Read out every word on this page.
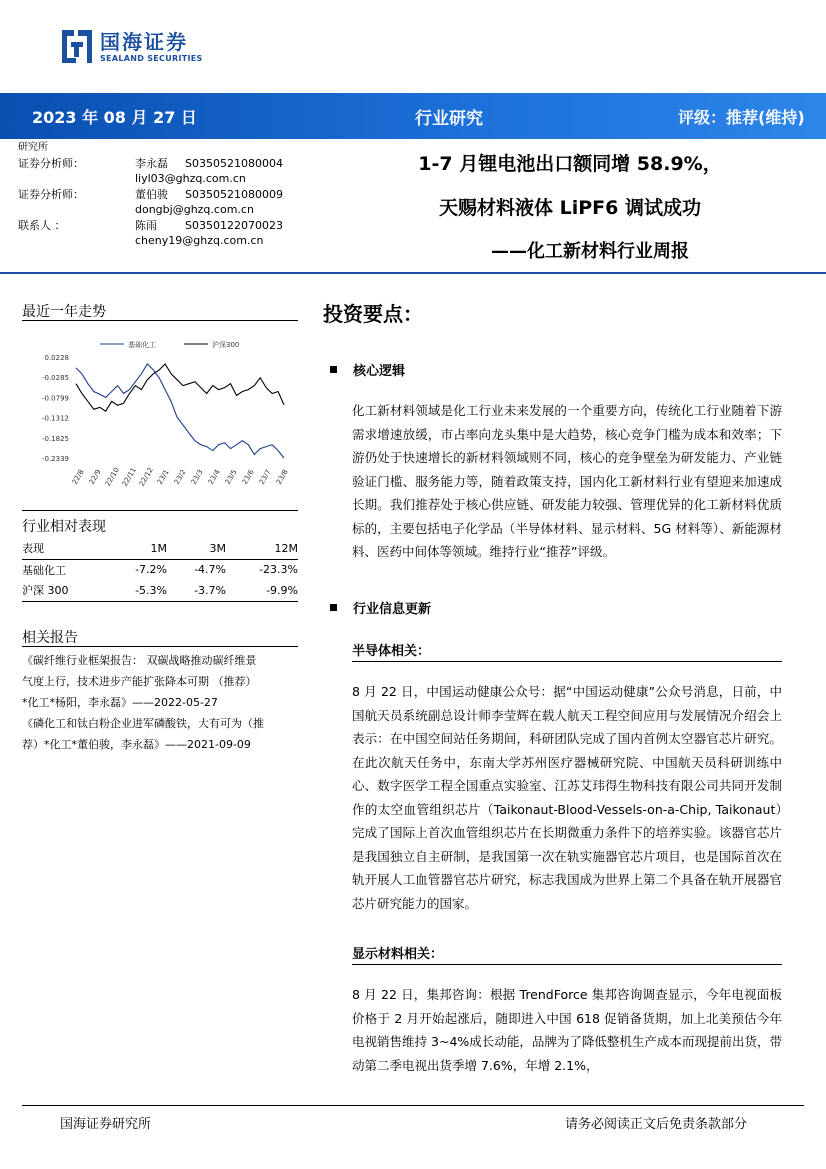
国海证券
SEALAND SECURITIES
2023 年 08 月 27 日	行业研究	评级：推荐(维持)
研究所
证券分析师：	李永磊	S0350521080004
liyl03@ghzq.com.cn
证券分析师：	董伯骏	S0350521080009
dongbj@ghzq.com.cn
联系人 ：	陈雨	S0350122070023
cheny19@ghzq.com.cn
1-7 月锂电池出口额同增 58.9%，
天赐材料液体 LiPF6 调试成功
——化工新材料行业周报
最近一年走势
基础化工	沪深300
0.0228
-0.0285
-0.0799
-0.1312
-0.1825
-0.2339
22/8 22/9 22/10 22/11 22/12 23/1 23/2 23/3 23/4 23/5 23/6 23/7 23/8
行业相对表现
表现	1M	3M	12M
基础化工	-7.2%	-4.7%	-23.3%
沪深 300	-5.3%	-3.7%	-9.9%
相关报告
《碳纤维行业框架报告： 双碳战略推动碳纤维景
气度上行，技术进步产能扩张降本可期 （推荐）
*化工*杨阳，李永磊》——2022-05-27
《磷化工和钛白粉企业进军磷酸铁，大有可为（推
荐）*化工*董伯骏，李永磊》——2021-09-09
投资要点：
核心逻辑
化工新材料领域是化工行业未来发展的一个重要方向，传统化工行业随着下游需求增速放缓，市占率向龙头集中是大趋势，核心竞争门槛为成本和效率；下游仍处于快速增长的新材料领域则不同，核心的竞争壁垒为研发能力、产业链验证门槛、服务能力等，随着政策支持，国内化工新材料行业有望迎来加速成长期。我们推荐处于核心供应链、研发能力较强、管理优异的化工新材料优质标的，主要包括电子化学品（半导体材料、显示材料、5G 材料等）、新能源材料、医药中间体等领域。维持行业“推荐”评级。
行业信息更新
半导体相关：
8 月 22 日，中国运动健康公众号：据“中国运动健康”公众号消息，日前，中国航天员系统副总设计师李莹辉在载人航天工程空间应用与发展情况介绍会上表示：在中国空间站任务期间，科研团队完成了国内首例太空器官芯片研究。在此次航天任务中，东南大学苏州医疗器械研究院、中国航天员科研训练中心、数字医学工程全国重点实验室、江苏艾玮得生物科技有限公司共同开发制作的太空血管组织芯片（Taikonaut-Blood-Vessels-on-a-Chip, Taikonaut）完成了国际上首次血管组织芯片在长期微重力条件下的培养实验。该器官芯片是我国独立自主研制，是我国第一次在轨实施器官芯片项目，也是国际首次在轨开展人工血管器官芯片研究，标志我国成为世界上第二个具备在轨开展器官芯片研究能力的国家。
显示材料相关：
8 月 22 日，集邦咨询：根据 TrendForce 集邦咨询调查显示，今年电视面板价格于 2 月开始起涨后，随即进入中国 618 促销备货期，加上北美预估今年电视销售维持 3~4%成长动能，品牌为了降低整机生产成本而现提前出货，带动第二季电视出货季增 7.6%，年增 2.1%，
国海证券研究所	请务必阅读正文后免责条款部分
